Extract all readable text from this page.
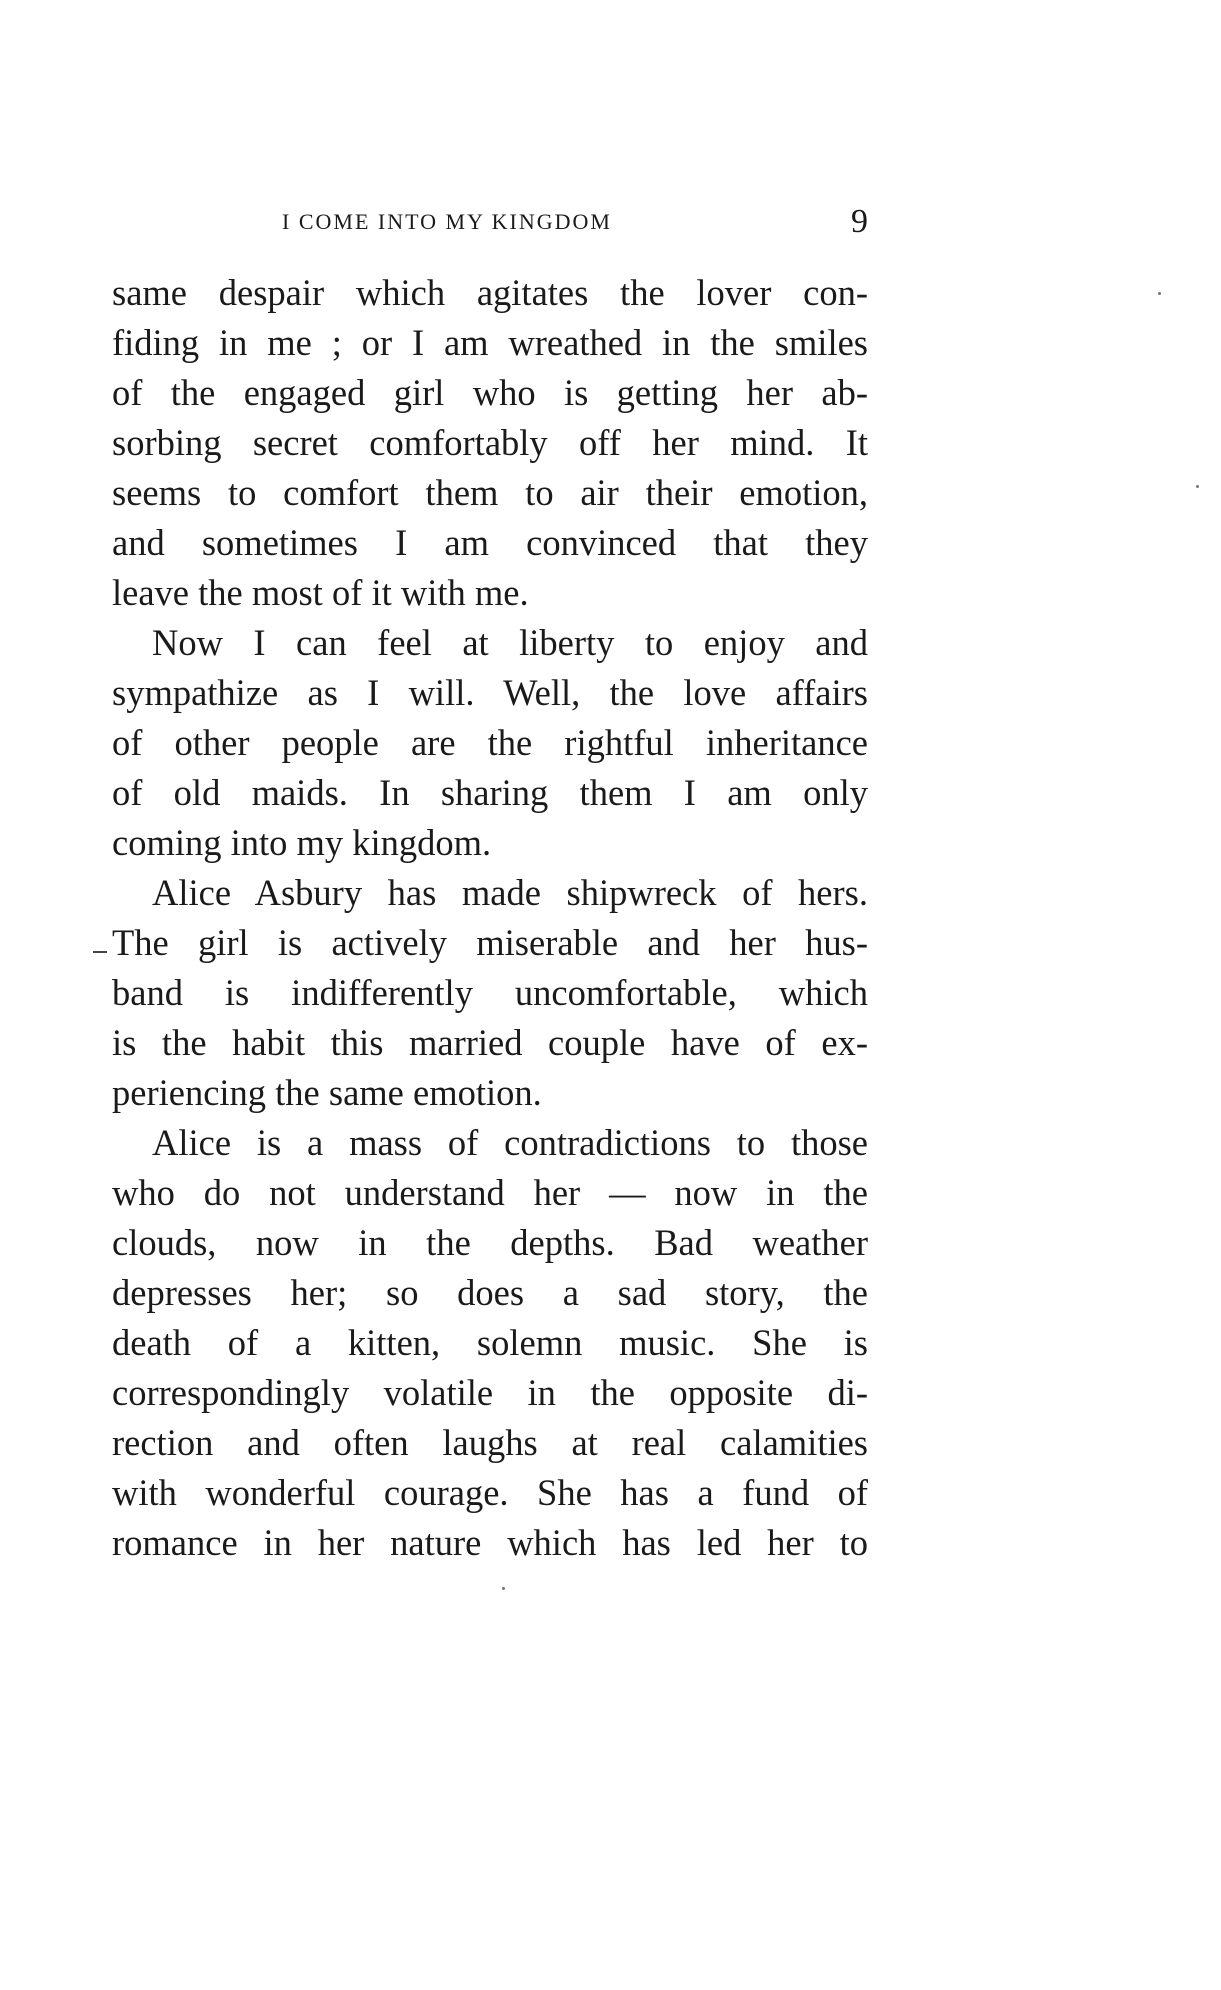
I COME INTO MY KINGDOM	9
same despair which agitates the lover con-
fiding in me ; or I am wreathed in the smiles
of the engaged girl who is getting her ab-
sorbing secret comfortably off her mind. It
seems to comfort them to air their emotion,
and sometimes I am convinced that they
leave the most of it with me.
Now I can feel at liberty to enjoy and
sympathize as I will. Well, the love affairs
of other people are the rightful inheritance
of old maids. In sharing them I am only
coming into my kingdom.
Alice Asbury has made shipwreck of hers.
The girl is actively miserable and her hus-
band is indifferently uncomfortable, which
is the habit this married couple have of ex-
periencing the same emotion.
Alice is a mass of contradictions to those
who do not understand her — now in the
clouds, now in the depths. Bad weather
depresses her; so does a sad story, the
death of a kitten, solemn music. She is
correspondingly volatile in the opposite di-
rection and often laughs at real calamities
with wonderful courage. She has a fund of
romance in her nature which has led her to
